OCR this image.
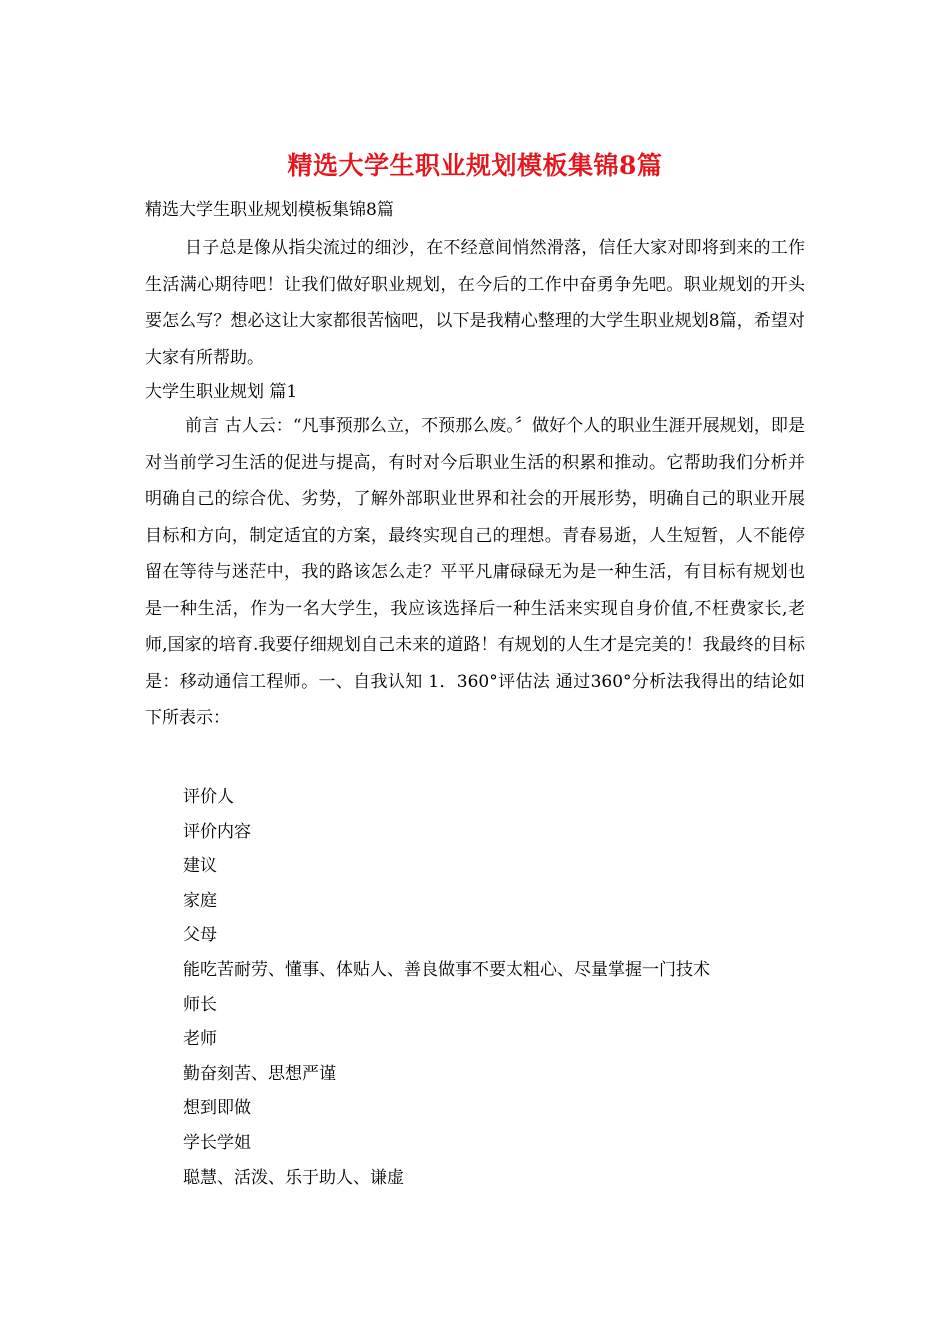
精选大学生职业规划模板集锦8篇
精选大学生职业规划模板集锦8篇

日子总是像从指尖流过的细沙，在不经意间悄然滑落，信任大家对即将到来的工作生活满心期待吧！让我们做好职业规划，在今后的工作中奋勇争先吧。职业规划的开头要怎么写？想必这让大家都很苦恼吧，以下是我精心整理的大学生职业规划8篇，希望对大家有所帮助。

大学生职业规划 篇1

前言 古人云：“凡事预那么立，不预那么废。〞做好个人的职业生涯开展规划，即是对当前学习生活的促进与提高，有时对今后职业生活的积累和推动。它帮助我们分析并明确自己的综合优、劣势，了解外部职业世界和社会的开展形势，明确自己的职业开展目标和方向，制定适宜的方案，最终实现自己的理想。青春易逝，人生短暂，人不能停留在等待与迷茫中，我的路该怎么走？平平凡庸碌碌无为是一种生活，有目标有规划也是一种生活，作为一名大学生，我应该选择后一种生活来实现自身价值,不枉费家长,老师,国家的培育.我要仔细规划自己未来的道路！有规划的人生才是完美的！我最终的目标是：移动通信工程师。一、自我认知 1．360°评估法 通过360°分析法我得出的结论如下所表示：

评价人
评价内容
建议
家庭
父母
能吃苦耐劳、懂事、体贴人、善良做事不要太粗心、尽量掌握一门技术
师长
老师
勤奋刻苦、思想严谨
想到即做
学长学姐
聪慧、活泼、乐于助人、谦虚
